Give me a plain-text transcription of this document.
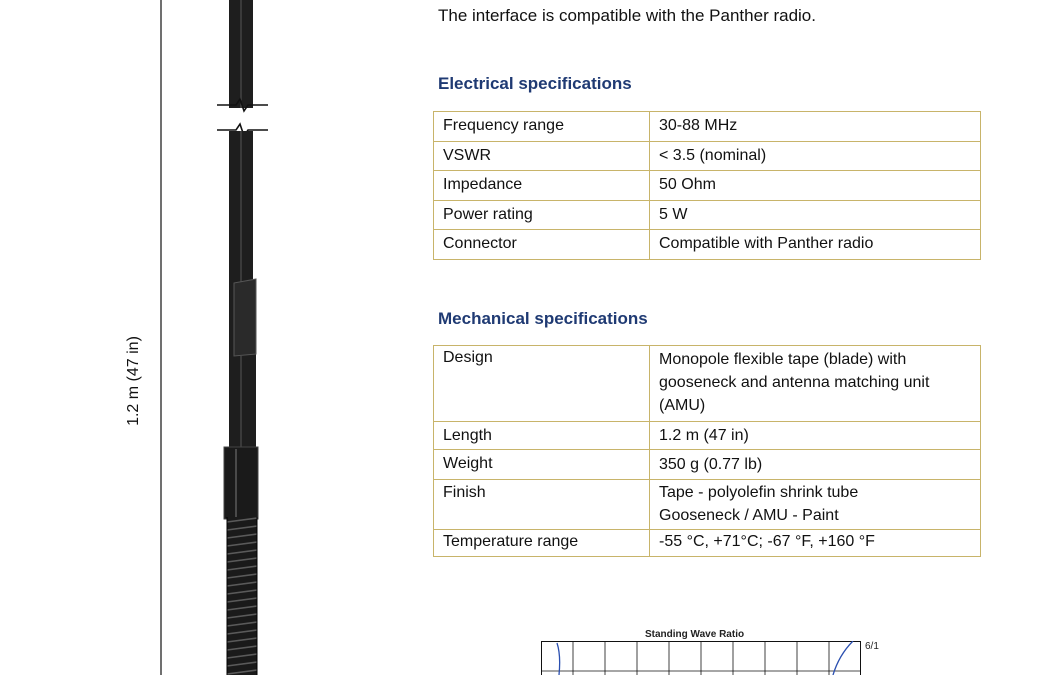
1.2 m (47 in)
The interface is compatible with the Panther radio.
Electrical specifications
Frequency range	30-88 MHz
VSWR	< 3.5 (nominal)
Impedance	50 Ohm
Power rating	5 W
Connector	Compatible with Panther radio
Mechanical specifications
Design	Monopole flexible tape (blade) with gooseneck and antenna matching unit (AMU)
Length	1.2 m (47 in)
Weight	350 g (0.77 lb)
Finish	Tape - polyolefin shrink tube
Gooseneck / AMU - Paint
Temperature range	-55 °C, +71°C; -67 °F, +160 °F
Standing Wave Ratio
6/1
